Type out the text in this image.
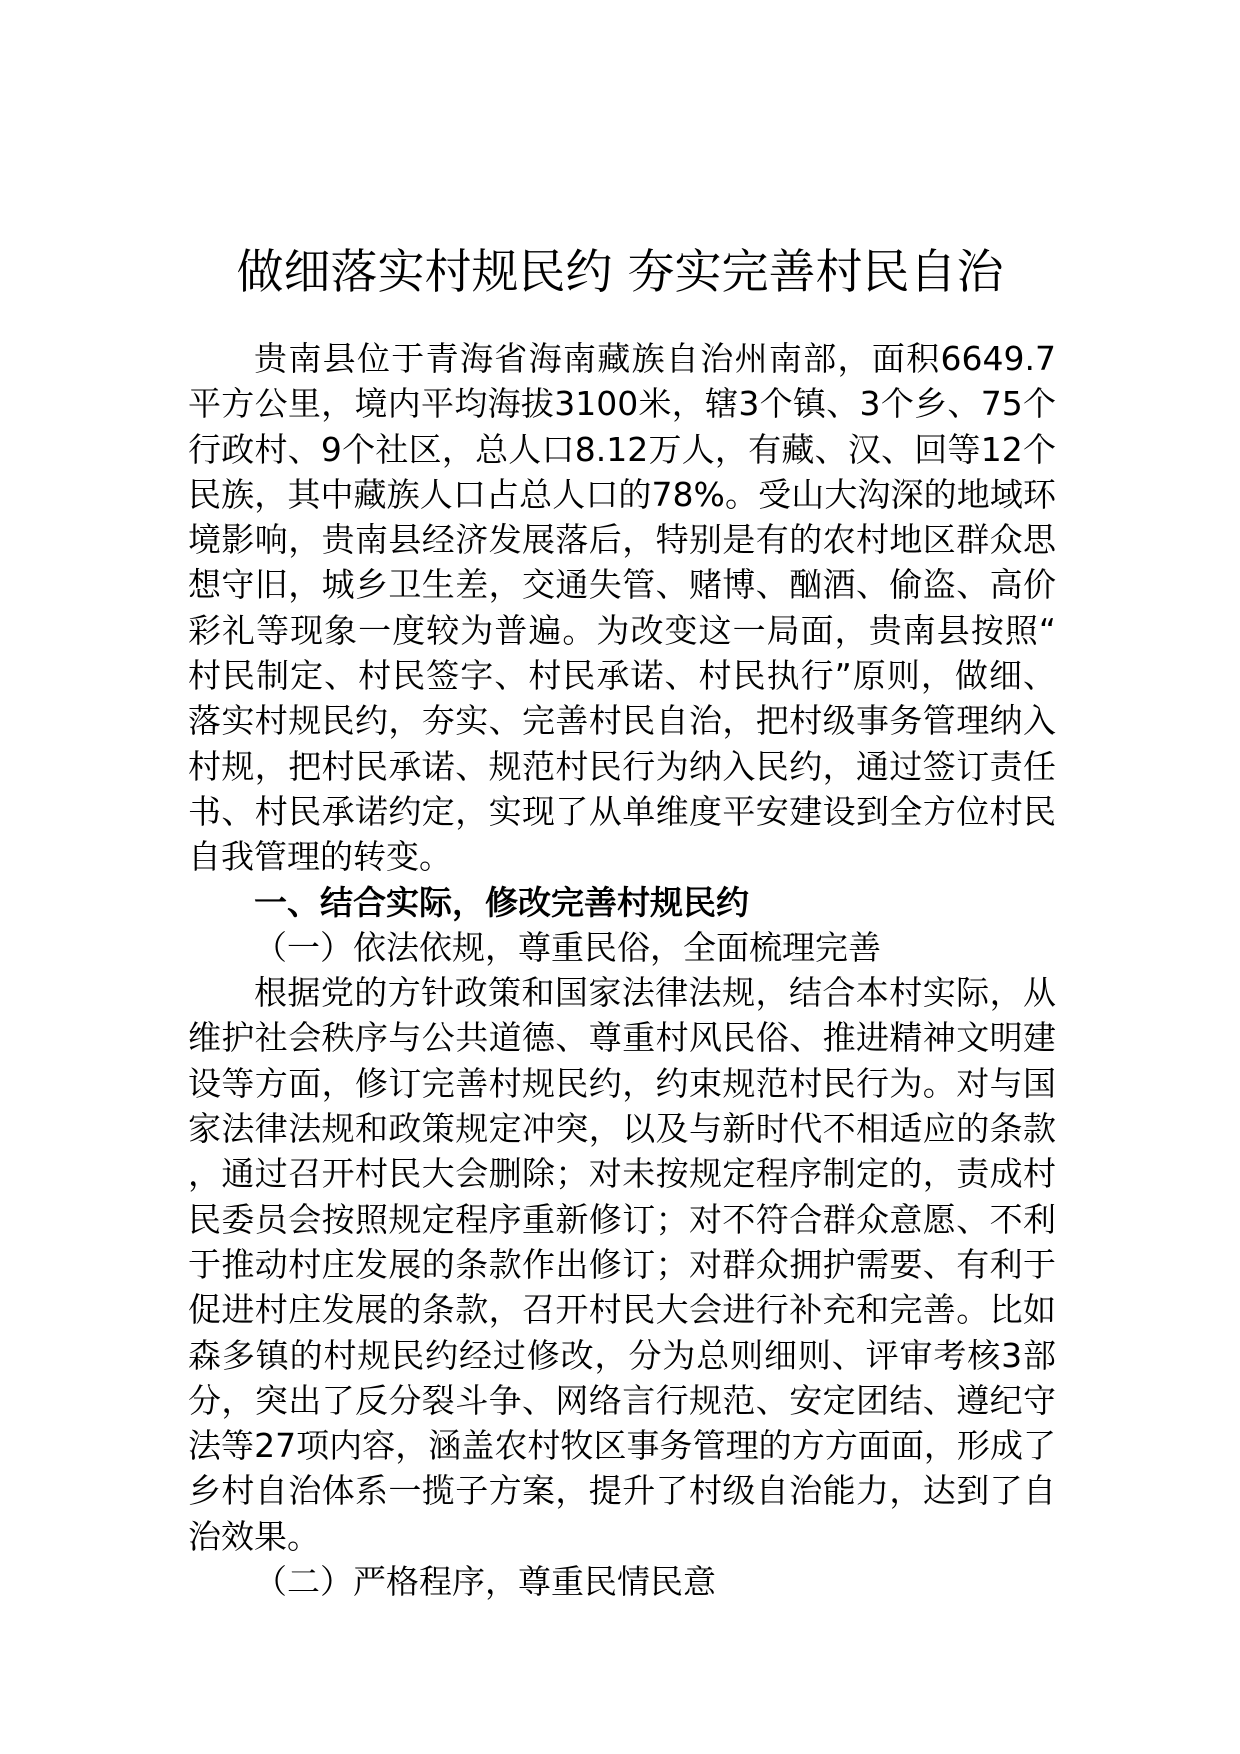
做细落实村规民约 夯实完善村民自治

贵南县位于青海省海南藏族自治州南部，面积6649.7平方公里，境内平均海拔3100米，辖3个镇、3个乡、75个行政村、9个社区，总人口8.12万人，有藏、汉、回等12个民族，其中藏族人口占总人口的78%。受山大沟深的地域环境影响，贵南县经济发展落后，特别是有的农村地区群众思想守旧，城乡卫生差，交通失管、赌博、酗酒、偷盗、高价彩礼等现象一度较为普遍。为改变这一局面，贵南县按照“村民制定、村民签字、村民承诺、村民执行”原则，做细、落实村规民约，夯实、完善村民自治，把村级事务管理纳入村规，把村民承诺、规范村民行为纳入民约，通过签订责任书、村民承诺约定，实现了从单维度平安建设到全方位村民自我管理的转变。

一、结合实际，修改完善村规民约

（一）依法依规，尊重民俗，全面梳理完善

根据党的方针政策和国家法律法规，结合本村实际，从维护社会秩序与公共道德、尊重村风民俗、推进精神文明建设等方面，修订完善村规民约，约束规范村民行为。对与国家法律法规和政策规定冲突，以及与新时代不相适应的条款，通过召开村民大会删除；对未按规定程序制定的，责成村民委员会按照规定程序重新修订；对不符合群众意愿、不利于推动村庄发展的条款作出修订；对群众拥护需要、有利于促进村庄发展的条款，召开村民大会进行补充和完善。比如森多镇的村规民约经过修改，分为总则细则、评审考核3部分，突出了反分裂斗争、网络言行规范、安定团结、遵纪守法等27项内容，涵盖农村牧区事务管理的方方面面，形成了乡村自治体系一揽子方案，提升了村级自治能力，达到了自治效果。

（二）严格程序，尊重民情民意
